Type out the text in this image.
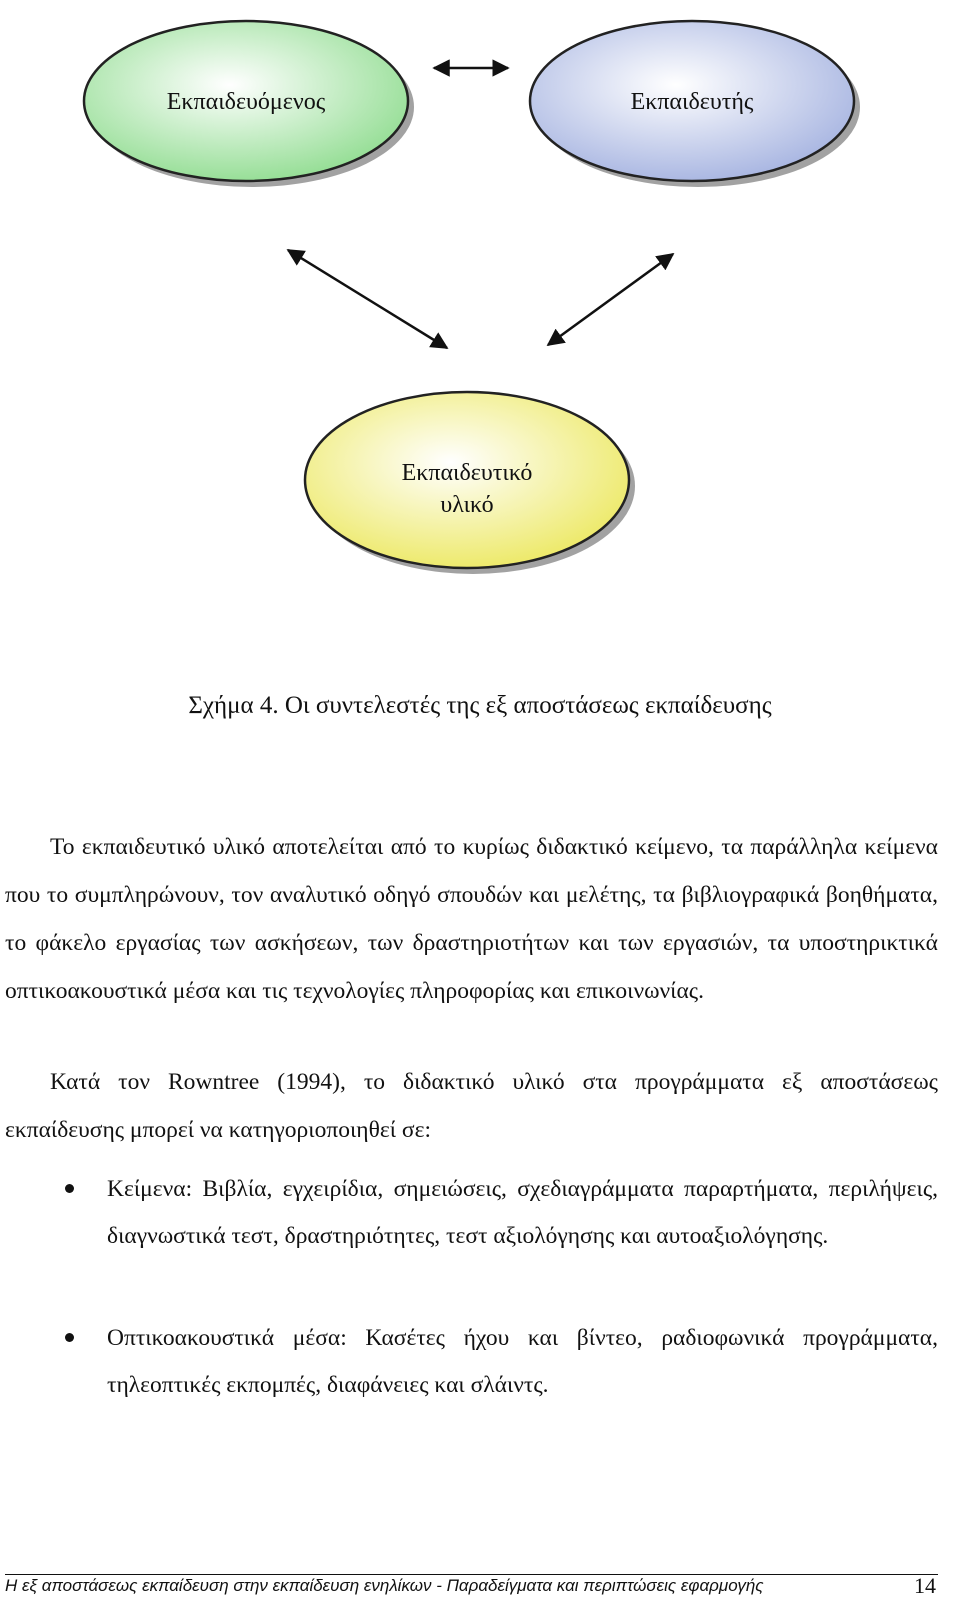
Εκπαιδευόμενος	Εκπαιδευτής
Εκπαιδευτικό
υλικό
Σχήμα 4. Οι συντελεστές της εξ αποστάσεως εκπαίδευσης

Το εκπαιδευτικό υλικό αποτελείται από το κυρίως διδακτικό κείμενο, τα παράλληλα κείμενα που το συμπληρώνουν, τον αναλυτικό οδηγό σπουδών και μελέτης, τα βιβλιογραφικά βοηθήματα, το φάκελο εργασίας των ασκήσεων, των δραστηριοτήτων και των εργασιών, τα υποστηρικτικά οπτικοακουστικά μέσα και τις τεχνολογίες πληροφορίας και επικοινωνίας.

Κατά τον Rowntree (1994), το διδακτικό υλικό στα προγράμματα εξ αποστάσεως εκπαίδευσης μπορεί να κατηγοριοποιηθεί σε:

Κείμενα: Βιβλία, εγχειρίδια, σημειώσεις, σχεδιαγράμματα παραρτήματα, περιλήψεις, διαγνωστικά τεστ, δραστηριότητες, τεστ αξιολόγησης και αυτοαξιολόγησης.

Οπτικοακουστικά μέσα: Κασέτες ήχου και βίντεο, ραδιοφωνικά προγράμματα, τηλεοπτικές εκπομπές, διαφάνειες και σλάιντς.

Η εξ αποστάσεως εκπαίδευση στην εκπαίδευση ενηλίκων - Παραδείγματα και περιπτώσεις εφαρμογής	14
